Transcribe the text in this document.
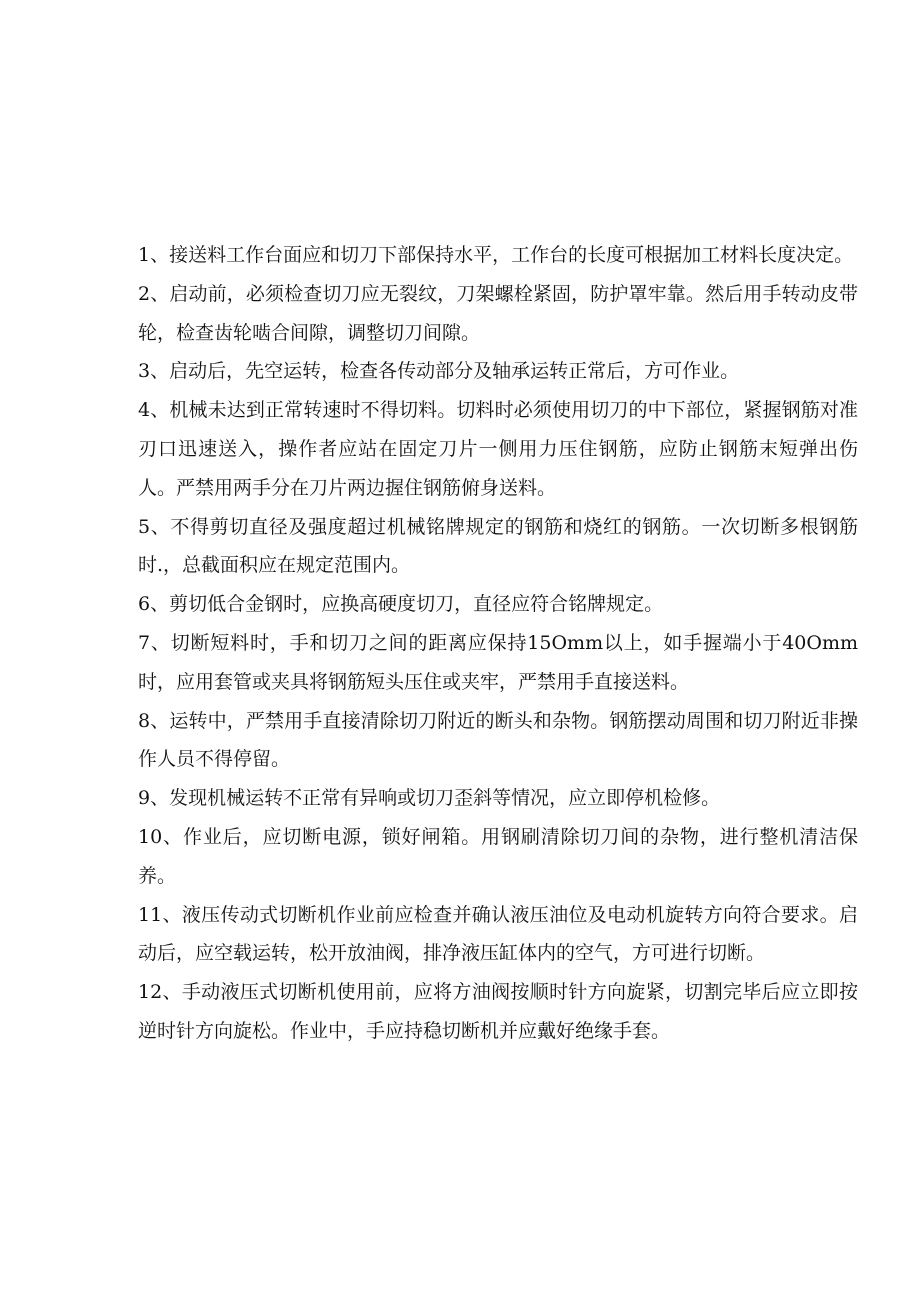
1、接送料工作台面应和切刀下部保持水平，工作台的长度可根据加工材料长度决定。

2、启动前，必须检查切刀应无裂纹，刀架螺栓紧固，防护罩牢靠。然后用手转动皮带轮，检查齿轮啮合间隙，调整切刀间隙。

3、启动后，先空运转，检查各传动部分及轴承运转正常后，方可作业。

4、机械未达到正常转速时不得切料。切料时必须使用切刀的中下部位，紧握钢筋对准刃口迅速送入，操作者应站在固定刀片一侧用力压住钢筋，应防止钢筋末短弹出伤人。严禁用两手分在刀片两边握住钢筋俯身送料。

5、不得剪切直径及强度超过机械铭牌规定的钢筋和烧红的钢筋。一次切断多根钢筋时.，总截面积应在规定范围内。

6、剪切低合金钢时，应换高硬度切刀，直径应符合铭牌规定。

7、切断短料时，手和切刀之间的距离应保持15Omm以上，如手握端小于40Omm时，应用套管或夹具将钢筋短头压住或夹牢，严禁用手直接送料。

8、运转中，严禁用手直接清除切刀附近的断头和杂物。钢筋摆动周围和切刀附近非操作人员不得停留。

9、发现机械运转不正常有异响或切刀歪斜等情况，应立即停机检修。

10、作业后，应切断电源，锁好闸箱。用钢刷清除切刀间的杂物，进行整机清洁保养。

11、液压传动式切断机作业前应检查并确认液压油位及电动机旋转方向符合要求。启动后，应空载运转，松开放油阀，排净液压缸体内的空气，方可进行切断。

12、手动液压式切断机使用前，应将方油阀按顺时针方向旋紧，切割完毕后应立即按逆时针方向旋松。作业中，手应持稳切断机并应戴好绝缘手套。
